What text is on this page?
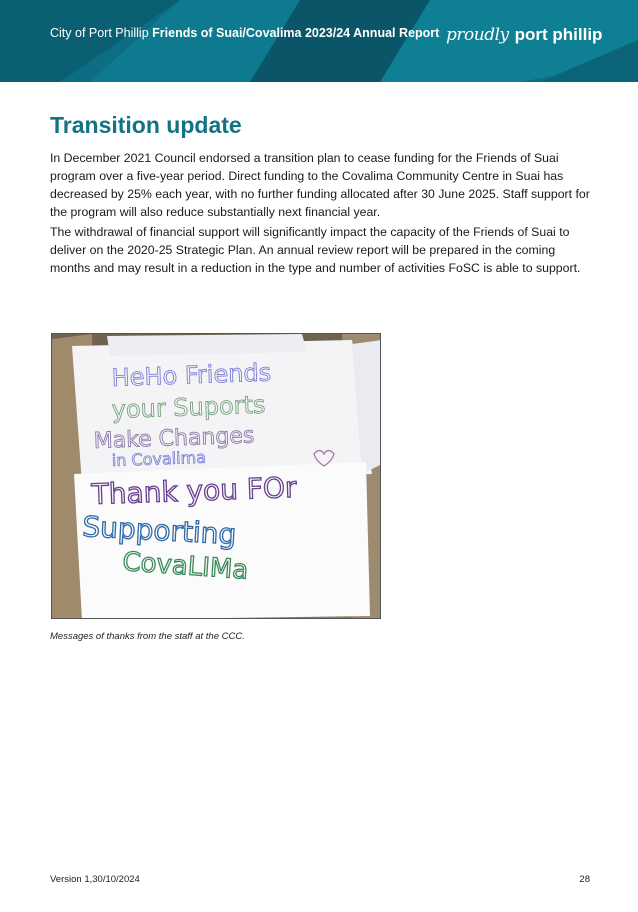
City of Port Phillip Friends of Suai/Covalima 2023/24 Annual Report proudly port phillip
Transition update

In December 2021 Council endorsed a transition plan to cease funding for the Friends of Suai program over a five-year period. Direct funding to the Covalima Community Centre in Suai has decreased by 25% each year, with no further funding allocated after 30 June 2025. Staff support for the program will also reduce substantially next financial year.

The withdrawal of financial support will significantly impact the capacity of the Friends of Suai to deliver on the 2020-25 Strategic Plan. An annual review report will be prepared in the coming months and may result in a reduction in the type and number of activities FoSC is able to support.

HeHo Friends
your Suports
Make Changes
in Covalima
Thank you FOr
Supporting
CovaLIMa
Messages of thanks from the staff at the CCC.
Version 1,30/10/2024	28
